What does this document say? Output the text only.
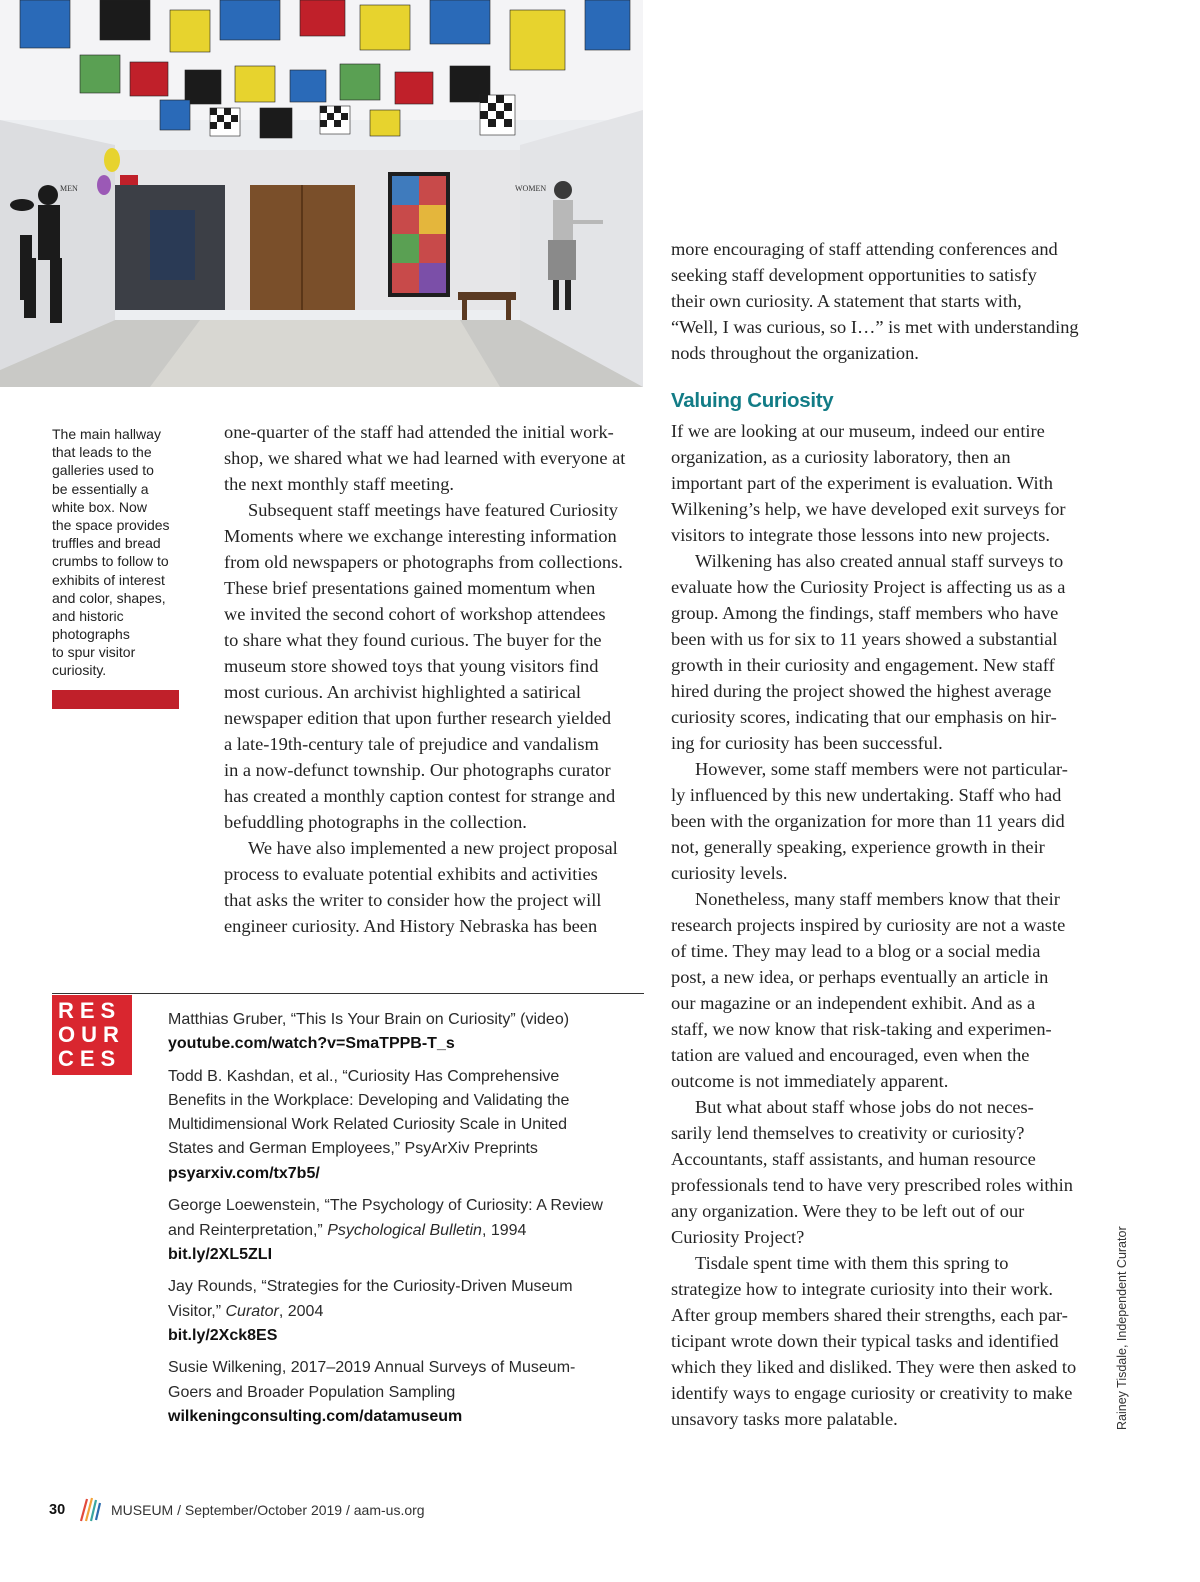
MEN	WOMEN
The main hallway
that leads to the
galleries used to
be essentially a
white box. Now
the space provides
truffles and bread
crumbs to follow to
exhibits of interest
and color, shapes,
and historic
photographs
to spur visitor
curiosity.
one-quarter of the staff had attended the initial work-
shop, we shared what we had learned with everyone at
the next monthly staff meeting.
Subsequent staff meetings have featured Curiosity
Moments where we exchange interesting information
from old newspapers or photographs from collections.
These brief presentations gained momentum when
we invited the second cohort of workshop attendees
to share what they found curious. The buyer for the
museum store showed toys that young visitors find
most curious. An archivist highlighted a satirical
newspaper edition that upon further research yielded
a late-19th-century tale of prejudice and vandalism
in a now-defunct township. Our photographs curator
has created a monthly caption contest for strange and
befuddling photographs in the collection.
We have also implemented a new project proposal
process to evaluate potential exhibits and activities
that asks the writer to consider how the project will
engineer curiosity. And History Nebraska has been
more encouraging of staff attending conferences and
seeking staff development opportunities to satisfy
their own curiosity. A statement that starts with,
“Well, I was curious, so I…” is met with understanding
nods throughout the organization.
Valuing Curiosity
If we are looking at our museum, indeed our entire
organization, as a curiosity laboratory, then an
important part of the experiment is evaluation. With
Wilkening’s help, we have developed exit surveys for
visitors to integrate those lessons into new projects.
Wilkening has also created annual staff surveys to
evaluate how the Curiosity Project is affecting us as a
group. Among the findings, staff members who have
been with us for six to 11 years showed a substantial
growth in their curiosity and engagement. New staff
hired during the project showed the highest average
curiosity scores, indicating that our emphasis on hir-
ing for curiosity has been successful.
However, some staff members were not particular-
ly influenced by this new undertaking. Staff who had
been with the organization for more than 11 years did
not, generally speaking, experience growth in their
curiosity levels.
Nonetheless, many staff members know that their
research projects inspired by curiosity are not a waste
of time. They may lead to a blog or a social media
post, a new idea, or perhaps eventually an article in
our magazine or an independent exhibit. And as a
staff, we now know that risk-taking and experimen-
tation are valued and encouraged, even when the
outcome is not immediately apparent.
But what about staff whose jobs do not neces-
sarily lend themselves to creativity or curiosity?
Accountants, staff assistants, and human resource
professionals tend to have very prescribed roles within
any organization. Were they to be left out of our
Curiosity Project?
Tisdale spent time with them this spring to
strategize how to integrate curiosity into their work.
After group members shared their strengths, each par-
ticipant wrote down their typical tasks and identified
which they liked and disliked. They were then asked to
identify ways to engage curiosity or creativity to make
unsavory tasks more palatable.
RES
OUR
CES
Matthias Gruber, “This Is Your Brain on Curiosity” (video)
youtube.com/watch?v=SmaTPPB-T_s
Todd B. Kashdan, et al., “Curiosity Has Comprehensive
Benefits in the Workplace: Developing and Validating the
Multidimensional Work Related Curiosity Scale in United
States and German Employees,” PsyArXiv Preprints
psyarxiv.com/tx7b5/
George Loewenstein, “The Psychology of Curiosity: A Review
and Reinterpretation,” Psychological Bulletin, 1994
bit.ly/2XL5ZLI
Jay Rounds, “Strategies for the Curiosity-Driven Museum
Visitor,” Curator, 2004
bit.ly/2Xck8ES
Susie Wilkening, 2017–2019 Annual Surveys of Museum-
Goers and Broader Population Sampling
wilkeningconsulting.com/datamuseum	Rainey Tisdale, Independent Curator
30	MUSEUM / September/October 2019 / aam-us.org
